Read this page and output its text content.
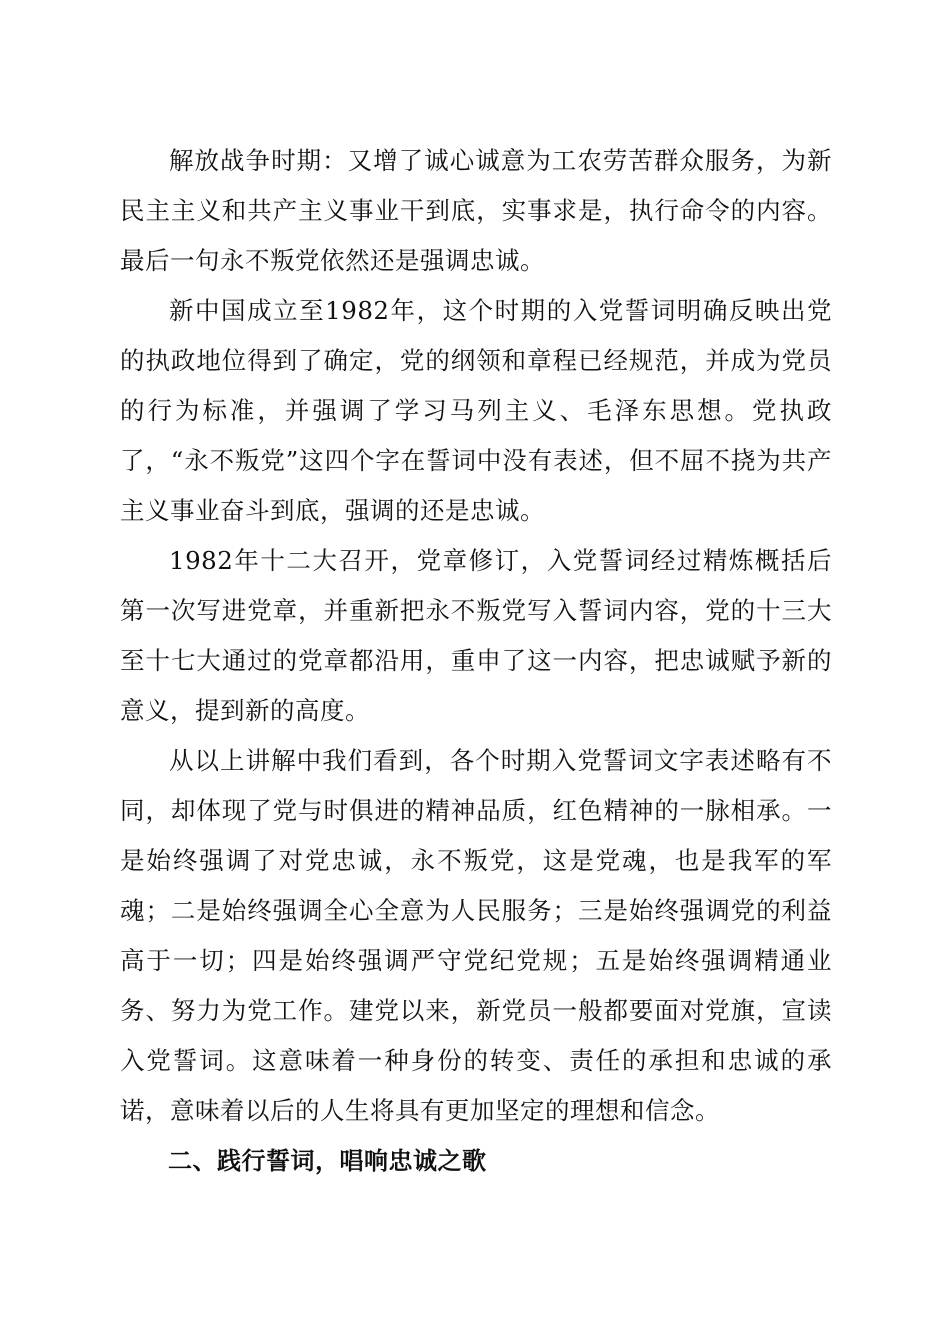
解放战争时期：又增了诚心诚意为工农劳苦群众服务，为新民主主义和共产主义事业干到底，实事求是，执行命令的内容。最后一句永不叛党依然还是强调忠诚。

新中国成立至1982年，这个时期的入党誓词明确反映出党的执政地位得到了确定，党的纲领和章程已经规范，并成为党员的行为标准，并强调了学习马列主义、毛泽东思想。党执政了，“永不叛党”这四个字在誓词中没有表述，但不屈不挠为共产主义事业奋斗到底，强调的还是忠诚。

1982年十二大召开，党章修订，入党誓词经过精炼概括后第一次写进党章，并重新把永不叛党写入誓词内容，党的十三大至十七大通过的党章都沿用，重申了这一内容，把忠诚赋予新的意义，提到新的高度。

从以上讲解中我们看到，各个时期入党誓词文字表述略有不同，却体现了党与时俱进的精神品质，红色精神的一脉相承。一是始终强调了对党忠诚，永不叛党，这是党魂，也是我军的军魂；二是始终强调全心全意为人民服务；三是始终强调党的利益高于一切；四是始终强调严守党纪党规；五是始终强调精通业务、努力为党工作。建党以来，新党员一般都要面对党旗，宣读入党誓词。这意味着一种身份的转变、责任的承担和忠诚的承诺，意味着以后的人生将具有更加坚定的理想和信念。

二、践行誓词，唱响忠诚之歌
